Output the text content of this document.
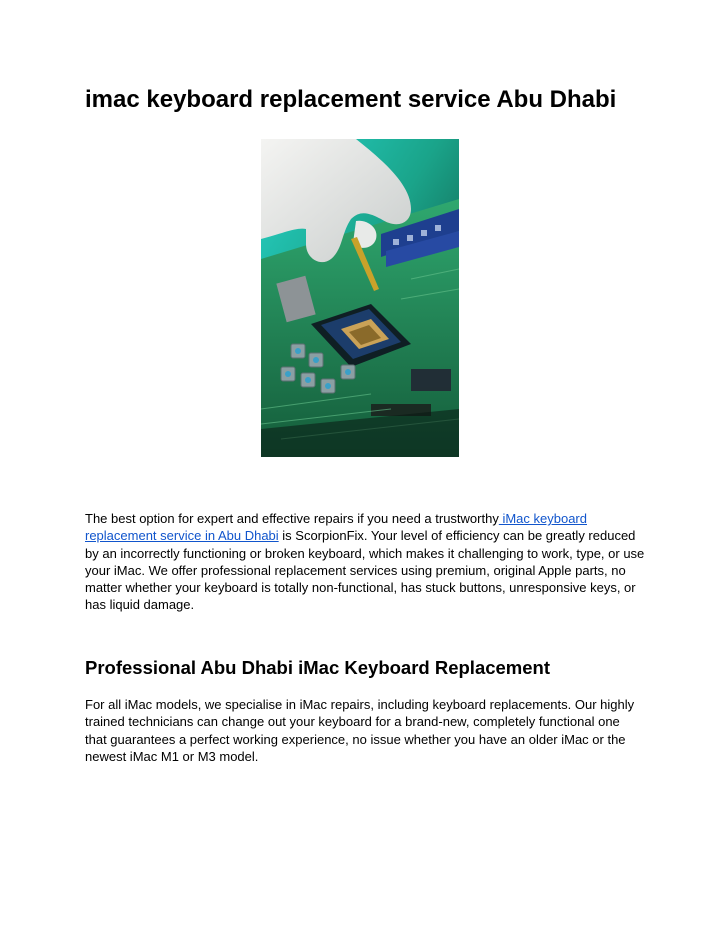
imac keyboard replacement service Abu Dhabi

The best option for expert and effective repairs if you need a trustworthy iMac keyboard replacement service in Abu Dhabi is ScorpionFix. Your level of efficiency can be greatly reduced by an incorrectly functioning or broken keyboard, which makes it challenging to work, type, or use your iMac. We offer professional replacement services using premium, original Apple parts, no matter whether your keyboard is totally non-functional, has stuck buttons, unresponsive keys, or has liquid damage.

Professional Abu Dhabi iMac Keyboard Replacement

For all iMac models, we specialise in iMac repairs, including keyboard replacements. Our highly trained technicians can change out your keyboard for a brand-new, completely functional one that guarantees a perfect working experience, no issue whether you have an older iMac or the newest iMac M1 or M3 model.
